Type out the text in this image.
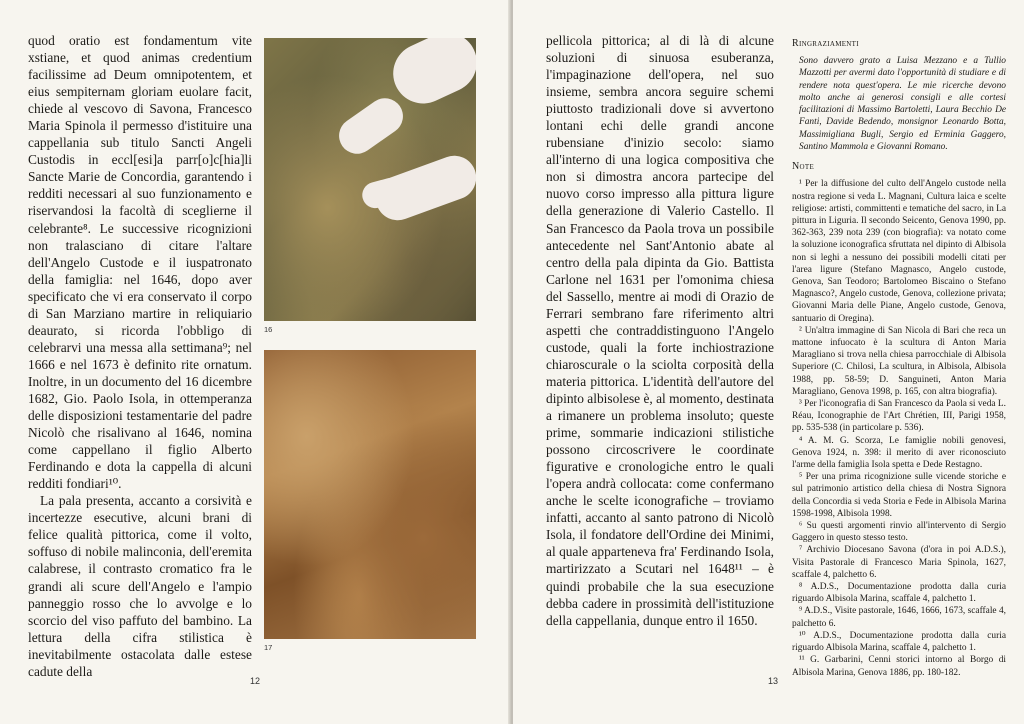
quod oratio est fondamentum vite xstiane, et quod animas credentium facilissime ad Deum omnipotentem, et eius sempiternam gloriam euolare facit, chiede al vescovo di Savona, Francesco Maria Spinola il permesso d'istituire una cappellania sub titulo Sancti Angeli Custodis in eccl[esi]a parr[o]c[hia]li Sancte Marie de Concordia, garantendo i redditi necessari al suo funzionamento e riservandosi la facoltà di sceglierne il celebrante⁸. Le successive ricognizioni non tralasciano di citare l'altare dell'Angelo Custode e il iuspatronato della famiglia: nel 1646, dopo aver specificato che vi era conservato il corpo di San Marziano martire in reliquiario deaurato, si ricorda l'obbligo di celebrarvi una messa alla settimana⁹; nel 1666 e nel 1673 è definito rite ornatum. Inoltre, in un documento del 16 dicembre 1682, Gio. Paolo Isola, in ottemperanza delle disposizioni testamentarie del padre Nicolò che risalivano al 1646, nomina come cappellano il figlio Alberto Ferdinando e dota la cappella di alcuni redditi fondiari¹⁰.

La pala presenta, accanto a corsività e incertezze esecutive, alcuni brani di felice qualità pittorica, come il volto, soffuso di nobile malinconia, dell'eremita calabrese, il contrasto cromatico fra le grandi ali scure dell'Angelo e l'ampio panneggio rosso che lo avvolge e lo scorcio del viso paffuto del bambino. La lettura della cifra stilistica è inevitabilmente ostacolata dalle estese cadute della

16
17
12

pellicola pittorica; al di là di alcune soluzioni di sinuosa esuberanza, l'impaginazione dell'opera, nel suo insieme, sembra ancora seguire schemi piuttosto tradizionali dove si avvertono lontani echi delle grandi ancone rubensiane d'inizio secolo: siamo all'interno di una logica compositiva che non si dimostra ancora partecipe del nuovo corso impresso alla pittura ligure della generazione di Valerio Castello. Il San Francesco da Paola trova un possibile antecedente nel Sant'Antonio abate al centro della pala dipinta da Gio. Battista Carlone nel 1631 per l'omonima chiesa del Sassello, mentre ai modi di Orazio de Ferrari sembrano fare riferimento altri aspetti che contraddistinguono l'Angelo custode, quali la forte inchiostrazione chiaroscurale o la sciolta corposità della materia pittorica. L'identità dell'autore del dipinto albisolese è, al momento, destinata a rimanere un problema insoluto; queste prime, sommarie indicazioni stilistiche possono circoscrivere le coordinate figurative e cronologiche entro le quali l'opera andrà collocata: come confermano anche le scelte iconografiche – troviamo infatti, accanto al santo patrono di Nicolò Isola, il fondatore dell'Ordine dei Minimi, al quale apparteneva fra' Ferdinando Isola, martirizzato a Scutari nel 1648¹¹ – è quindi probabile che la sua esecuzione debba cadere in prossimità dell'istituzione della cappellania, dunque entro il 1650.

Ringraziamenti

Sono davvero grato a Luisa Mezzano e a Tullio Mazzotti per avermi dato l'opportunità di studiare e di rendere nota quest'opera. Le mie ricerche devono molto anche ai generosi consigli e alle cortesi facilitazioni di Massimo Bartoletti, Laura Becchio De Fanti, Davide Bedendo, monsignor Leonardo Botta, Massimigliana Bugli, Sergio ed Erminia Gaggero, Santino Mammola e Giovanni Romano.

Note

¹ Per la diffusione del culto dell'Angelo custode nella nostra regione si veda L. Magnani, Cultura laica e scelte religiose: artisti, committenti e tematiche del sacro, in La pittura in Liguria. Il secondo Seicento, Genova 1990, pp. 362-363, 239 nota 239 (con biografia): va notato come la soluzione iconografica sfruttata nel dipinto di Albisola non si leghi a nessuno dei possibili modelli citati per l'area ligure (Stefano Magnasco, Angelo custode, Genova, San Teodoro; Bartolomeo Biscaino o Stefano Magnasco?, Angelo custode, Genova, collezione privata; Giovanni Maria delle Piane, Angelo custode, Genova, santuario di Oregina).

² Un'altra immagine di San Nicola di Bari che reca un mattone infuocato è la scultura di Anton Maria Maragliano si trova nella chiesa parrocchiale di Albisola Superiore (C. Chilosi, La scultura, in Albisola, Albisola 1988, pp. 58-59; D. Sanguineti, Anton Maria Maragliano, Genova 1998, p. 165, con altra biografia).

³ Per l'iconografia di San Francesco da Paola si veda L. Réau, Iconographie de l'Art Chrétien, III, Parigi 1958, pp. 535-538 (in particolare p. 536).

⁴ A. M. G. Scorza, Le famiglie nobili genovesi, Genova 1924, n. 398: il merito di aver riconosciuto l'arme della famiglia Isola spetta e Dede Restagno.

⁵ Per una prima ricognizione sulle vicende storiche e sul patrimonio artistico della chiesa di Nostra Signora della Concordia si veda Storia e Fede in Albisola Marina 1598-1998, Albisola 1998.

⁶ Su questi argomenti rinvio all'intervento di Sergio Gaggero in questo stesso testo.

⁷ Archivio Diocesano Savona (d'ora in poi A.D.S.), Visita Pastorale di Francesco Maria Spinola, 1627, scaffale 4, palchetto 6.

⁸ A.D.S., Documentazione prodotta dalla curia riguardo Albisola Marina, scaffale 4, palchetto 1.

⁹ A.D.S., Visite pastorale, 1646, 1666, 1673, scaffale 4, palchetto 6.

¹⁰ A.D.S., Documentazione prodotta dalla curia riguardo Albisola Marina, scaffale 4, palchetto 1.

¹¹ G. Garbarini, Cenni storici intorno al Borgo di Albisola Marina, Genova 1886, pp. 180-182.

13
